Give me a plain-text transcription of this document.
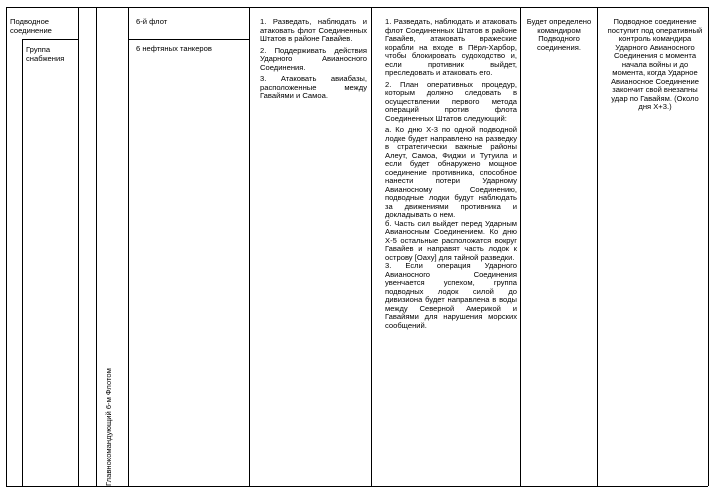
Подводное соединение
Группа снабжения
Главнокомандующий 6-м Флотом
6-й флот
6 нефтяных танкеров
1. Разведать, наблюдать и атаковать флот Соединенных Штатов в районе Гавайев.
2. Поддерживать действия Ударного Авианосного Соединения.
3. Атаковать авиабазы, расположенные между Гавайями и Самоа.
1. Разведать, наблюдать и атаковать флот Соединенных Штатов в районе Гавайев, атаковать вражеские корабли на входе в Пёрл-Харбор, чтобы блокировать судоходство и, если противник выйдет, преследовать и атаковать его.
2. План оперативных процедур, которым должно следовать в осуществлении первого метода операций против флота Соединенных Штатов следующий:
а. Ко дню Х-3 по одной подводной лодке будет направлено на разведку в стратегически важные районы Алеут, Самоа, Фиджи и Тутуила и если будет обнаружено мощное соединение противника, способное нанести потери Ударному Авианосному Соединению, подводные лодки будут наблюдать за движениями противника и докладывать о нем.
б. Часть сил выйдет перед Ударным Авианосным Соединением. Ко дню Х-5 остальные расположатся вокруг Гавайев и направят часть лодок к острову [Оаху] для тайной разведки.
3. Если операция Ударного Авианосного Соединения увенчается успехом, группа подводных лодок силой до дивизиона будет направлена в воды между Северной Америкой и Гавайями для нарушения морских сообщений.
Будет определено командиром Подводного соединения.
Подводное соединение поступит под оперативный контроль командира Ударного Авианосного Соединения с момента начала войны и до момента, когда Ударное Авианосное Соединение закончит свой внезапны удар по Гавайям. (Около дня Х+3.)
